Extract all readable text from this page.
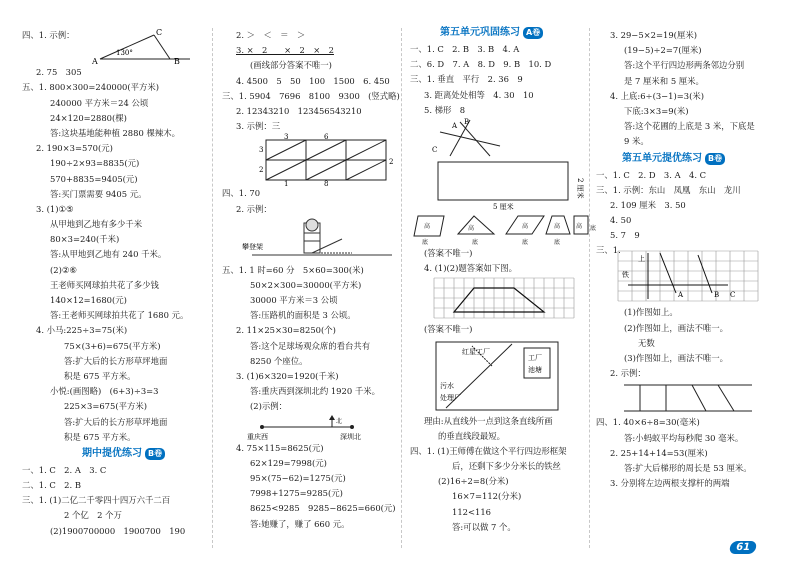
四、1. 示例：
A	B
C
130°
2. 75　305
五、1. 800×300=240000(平方米)
240000 平方米＝24 公顷
24×120=2880(棵)
答:这块基地能种植 2880 棵辣木。
2. 190×3=570(元)
190÷2×93=8835(元)
570+8835=9405(元)
答:买门票需要 9405 元。
3. (1)①⑤
从甲地到乙地有多少千米
80×3=240(千米)
答:从甲地到乙地有 240 千米。
(2)②⑥
王老师买网球拍共花了多少钱
140×12=1680(元)
答:王老师买网球拍共花了 1680 元。
4. 小马:225÷3=75(米)
75×(3+6)=675(平方米)
答:扩大后的长方形草坪地面
积是 675 平方米。
小悦:(画图略)　(6+3)÷3=3
225×3=675(平方米)
答:扩大后的长方形草坪地面
积是 675 平方米。
期中提优练习 B卷
一、1. C　2. A　3. C
二、1. C　2. B
三、1. (1)二亿二千零四十四万六千二百
2 个亿　2 个万
(2)1900700000　1900700　190
2. ＞　＜　＝　＞
3. ×　2　　×　2　×　2
(画线部分答案不唯一)
4. 4500　5　50　100　1500　6. 450
三、1. 5904　7696　8100　9300　(竖式略)
2. 12343210　123456543210
3. 示例：三
3	6
3
2
2
1	8
四、1. 70
2. 示例：
攀登架
五、1. 1 时=60 分　5×60=300(米)
50×2×300=30000(平方米)
30000 平方米＝3 公顷
答:压路机的面积是 3 公顷。
2. 11×25×30=8250(个)
答:这个足球场观众席的看台共有
8250 个座位。
3. (1)6×320=1920(千米)
答:重庆西到深圳北约 1920 千米。
(2)示例：
重庆西	深圳北
北
4. 75×115=8625(元)
62×129=7998(元)
95×(75−62)=1275(元)
7998+1275=9285(元)
8625<9285　9285−8625=660(元)
答:她赚了，赚了 660 元。
第五单元巩固练习 A卷
一、1. C　2. B　3. B　4. A
二、6. D　7. A　8. D　9. B　10. D
三、1. 垂直　平行　2. 36　9
3. 距离处处相等　4. 30　10
5. 梯形　8
A B
C
5 厘米
2 厘米
高
底
高
底
高
底
高
底
高 底
(答案不唯一)
4. (1)(2)题答案如下图。
(答案不唯一)
红星工厂
工厂
池塘
污水
处理厂
理由:从直线外一点到这条直线所画
的垂直线段最短。
四、1. (1)王师傅在做这个平行四边形框架
后，还剩下多少分米长的铁丝
(2)16÷2=8(分米)
16×7=112(分米)
112<116
答:可以做 7 个。
3. 29−5×2=19(厘米)
(19−5)÷2=7(厘米)
答:这个平行四边形两条邻边分别
是 7 厘米和 5 厘米。
4. 上底:6÷(3−1)=3(米)
下底:3×3=9(米)
答:这个花圃的上底是 3 米，下底是
9 米。
第五单元提优练习 B卷
一、1. C　2. D　3. A　4. C
三、1. 示例：东山　凤凰　东山　龙川
2. 109 厘米　3. 50
4. 50
5. 7　9
三、1.
上
铁
A	B C
(1)作图如上。
(2)作图如上，画法不唯一。
无数
(3)作图如上，画法不唯一。
2. 示例：
四、1. 40×6÷8=30(毫米)
答:小蚂蚁平均每秒爬 30 毫米。
2. 25+14+14=53(厘米)
答:扩大后梯形的周长是 53 厘米。
3. 分别将左边两根支撑杆的两端
61
